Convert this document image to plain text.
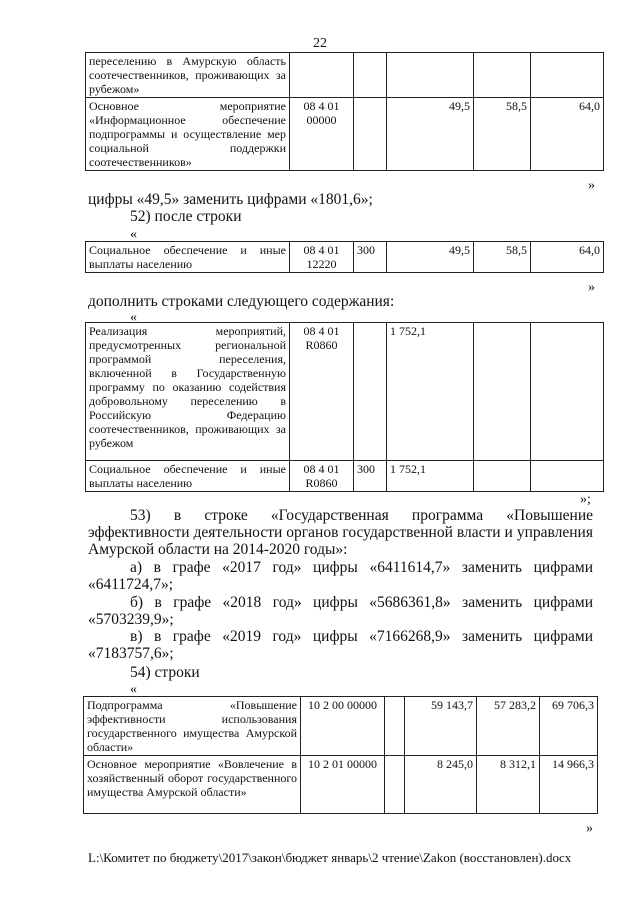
22
переселению в Амурскую область соотечественников, проживающих за рубежом»					
Основное мероприятие «Информационное обеспечение подпрограммы и осуществление мер социальной поддержки соотечественников»	08 4 01 00000		49,5	58,5	64,0
»
цифры «49,5» заменить цифрами «1801,6»;
52) после строки
«
Социальное обеспечение и иные выплаты населению	08 4 01 12220	300	49,5	58,5	64,0
»
дополнить строками следующего содержания:
«
Реализация мероприятий, предусмотренных региональной программой переселения, включенной в Государственную программу по оказанию содействия добровольному переселению в Российскую Федерацию соотечественников, проживающих за рубежом	08 4 01 R0860		1 752,1		
Социальное обеспечение и иные выплаты населению	08 4 01 R0860	300	1 752,1		
»;
53) в строке «Государственная программа «Повышение эффективности деятельности органов государственной власти и управления Амурской области на 2014-2020 годы»:
а) в графе «2017 год» цифры «6411614,7» заменить цифрами «6411724,7»;
б) в графе «2018 год» цифры «5686361,8» заменить цифрами «5703239,9»;
в) в графе «2019 год» цифры «7166268,9» заменить цифрами «7183757,6»;
54) строки
«
Подпрограмма «Повышение эффективности использования государственного имущества Амурской области»	10 2 00 00000		59 143,7	57 283,2	69 706,3
Основное мероприятие «Вовлечение в хозяйственный оборот государственного имущества Амурской области»	10 2 01 00000		8 245,0	8 312,1	14 966,3
»
L:\Комитет по бюджету\2017\закон\бюджет январь\2 чтение\Zakon (восстановлен).docx
